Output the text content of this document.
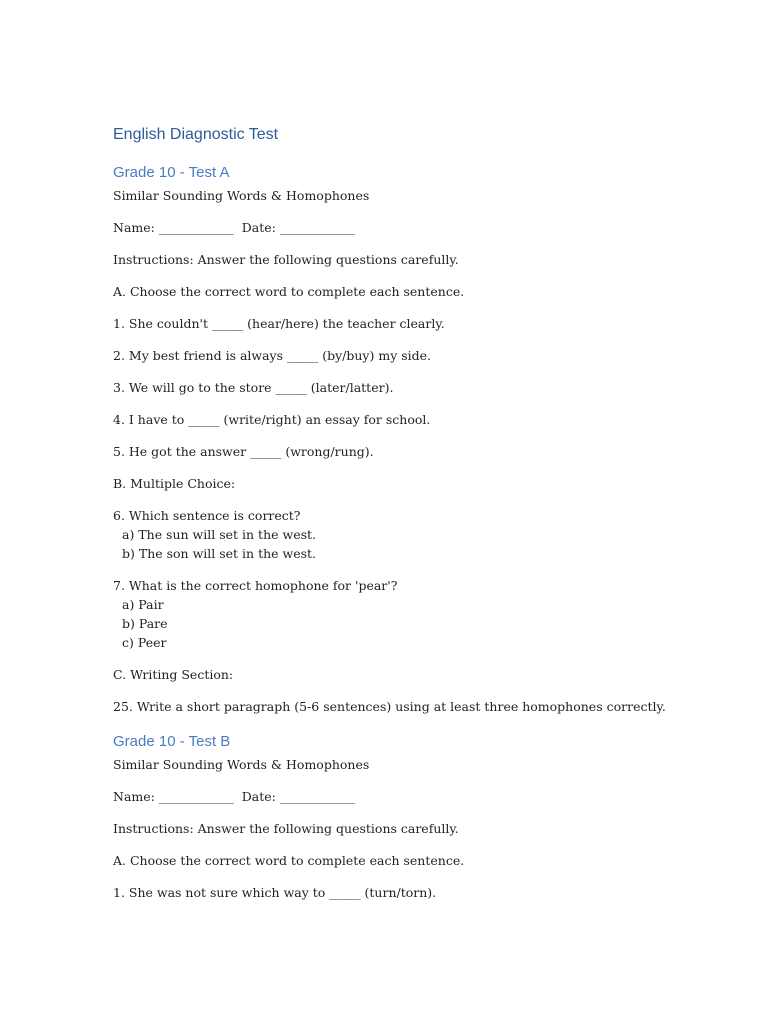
English Diagnostic Test
Grade 10 - Test A
Similar Sounding Words & Homophones
Name: ____________  Date: ____________
Instructions: Answer the following questions carefully.
A. Choose the correct word to complete each sentence.
1. She couldn't _____ (hear/here) the teacher clearly.
2. My best friend is always _____ (by/buy) my side.
3. We will go to the store _____ (later/latter).
4. I have to _____ (write/right) an essay for school.
5. He got the answer _____ (wrong/rung).
B. Multiple Choice:
6. Which sentence is correct?
a) The sun will set in the west.
b) The son will set in the west.
7. What is the correct homophone for 'pear'?
a) Pair
b) Pare
c) Peer
C. Writing Section:
25. Write a short paragraph (5-6 sentences) using at least three homophones correctly.
Grade 10 - Test B
Similar Sounding Words & Homophones
Name: ____________  Date: ____________
Instructions: Answer the following questions carefully.
A. Choose the correct word to complete each sentence.
1. She was not sure which way to _____ (turn/torn).
